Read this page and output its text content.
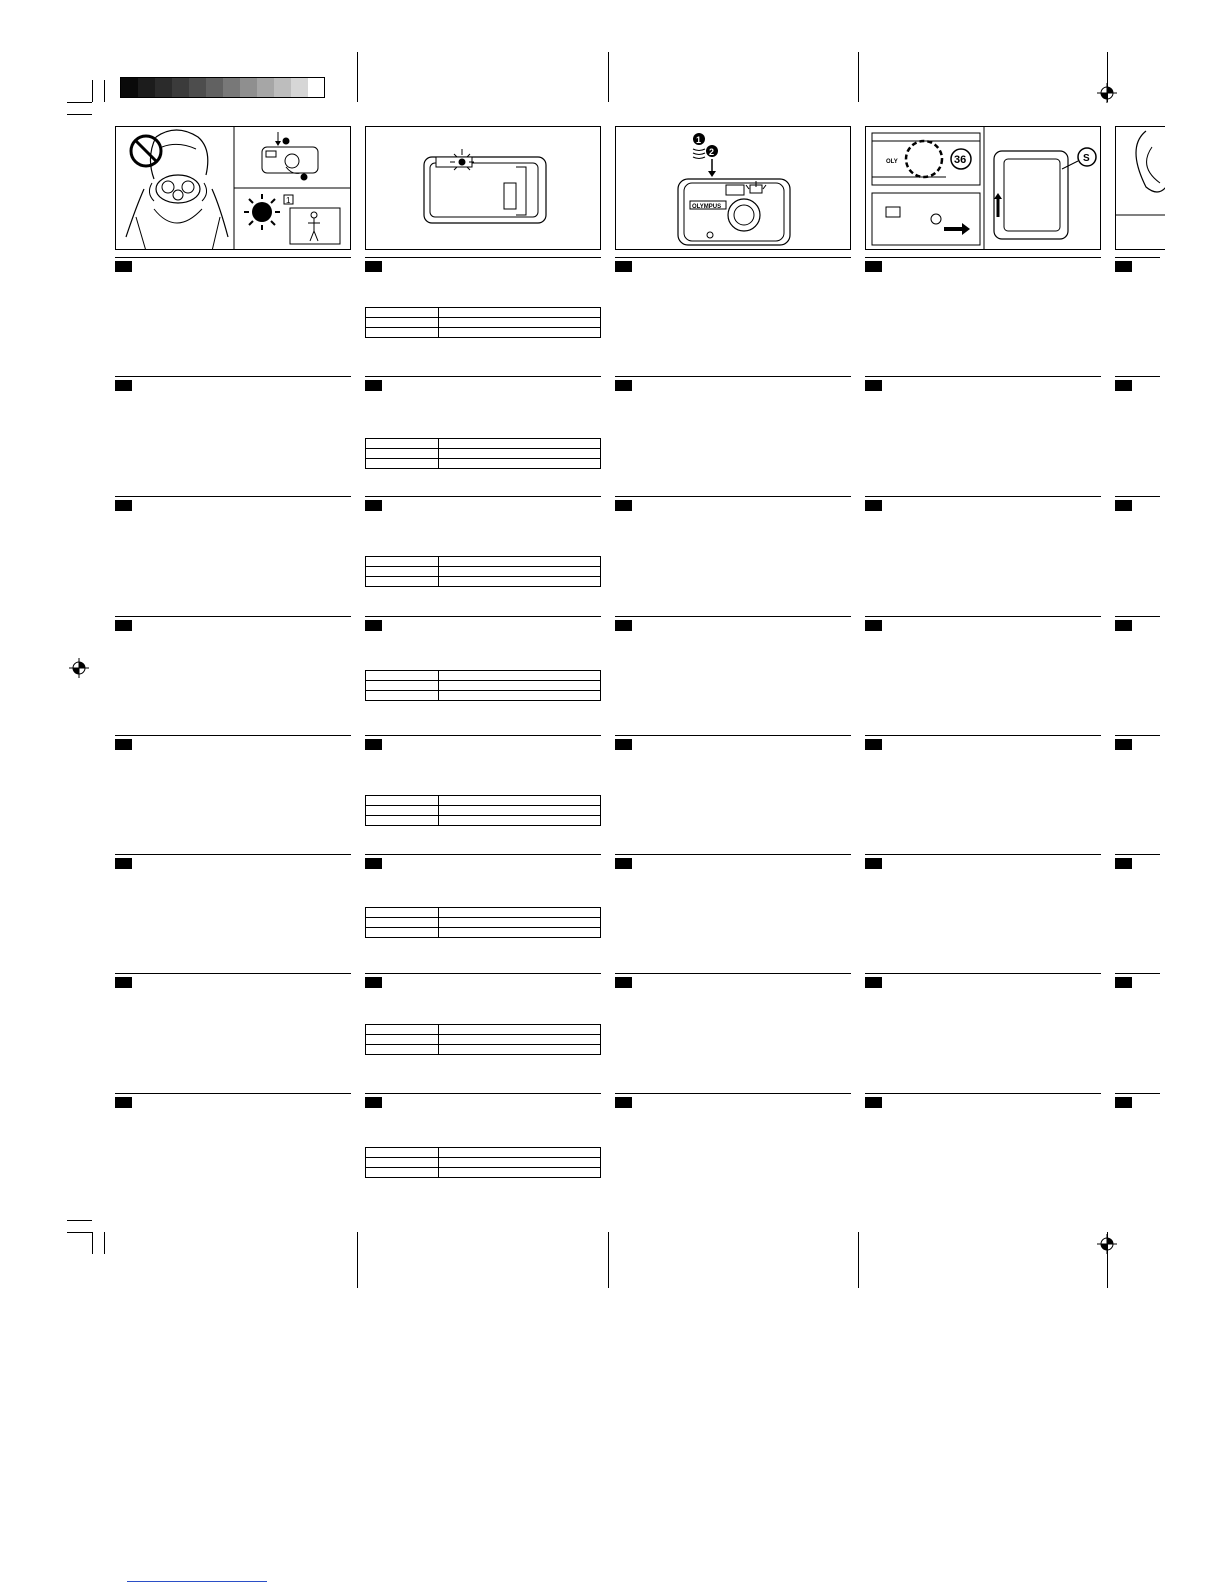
1
1
2
OLYMPUS
36
OLY	S
